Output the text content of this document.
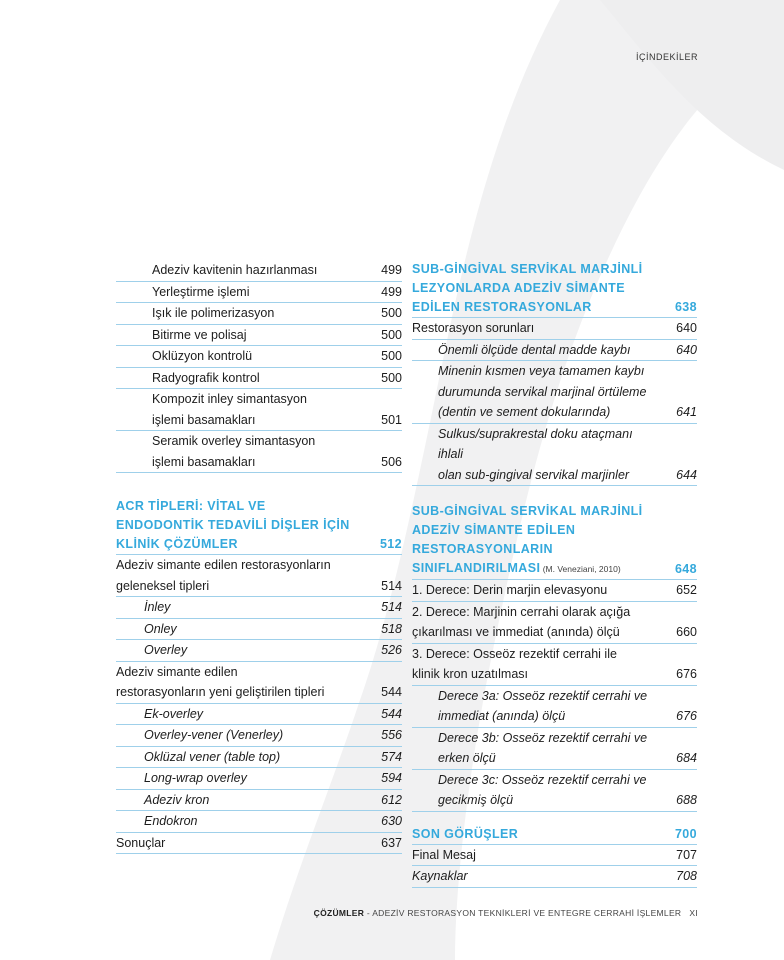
İÇİNDEKİLER
Adeziv kavitenin hazırlanması	499
Yerleştirme işlemi	499
Işık ile polimerizasyon	500
Bitirme ve polisaj	500
Oklüzyon kontrolü	500
Radyografik kontrol	500
Kompozit inley simantasyon
işlemi basamakları	501
Seramik overley simantasyon
işlemi basamakları	506
ACR TİPLERİ: VİTAL VE
ENDODONTİK TEDAVİLİ DİŞLER İÇİN
KLİNİK ÇÖZÜMLER	512
Adeziv simante edilen restorasyonların
geleneksel tipleri	514
İnley	514
Onley	518
Overley	526
Adeziv simante edilen
restorasyonların yeni geliştirilen tipleri	544
Ek-overley	544
Overley-vener (Venerley)	556
Oklüzal vener (table top)	574
Long-wrap overley	594
Adeziv kron	612
Endokron	630
Sonuçlar	637
SUB-GİNGİVAL SERVİKAL MARJİNLİ
LEZYONLARDA ADEZİV SİMANTE
EDİLEN RESTORASYONLAR	638
Restorasyon sorunları	640
Önemli ölçüde dental madde kaybı	640
Minenin kısmen veya tamamen kaybı
durumunda servikal marjinal örtüleme
(dentin ve sement dokularında)	641
Sulkus/suprakrestal doku ataçmanı ihlali
olan sub-gingival servikal marjinler	644
SUB-GİNGİVAL SERVİKAL MARJİNLİ
ADEZİV SİMANTE EDİLEN
RESTORASYONLARIN
SINIFLANDIRILMASI (M. Veneziani, 2010)	648
1. Derece: Derin marjin elevasyonu	652
2. Derece: Marjinin cerrahi olarak açığa
çıkarılması ve immediat (anında) ölçü	660
3. Derece: Osseöz rezektif cerrahi ile
klinik kron uzatılması	676
Derece 3a: Osseöz rezektif cerrahi ve
immediat (anında) ölçü	676
Derece 3b: Osseöz rezektif cerrahi ve
erken ölçü	684
Derece 3c: Osseöz rezektif cerrahi ve
gecikmiş ölçü	688
SON GÖRÜŞLER	700
Final Mesaj	707
Kaynaklar	708
ÇÖZÜMLER - ADEZİV RESTORASYON TEKNİKLERİ VE ENTEGRE CERRAHİ İŞLEMLER XI
